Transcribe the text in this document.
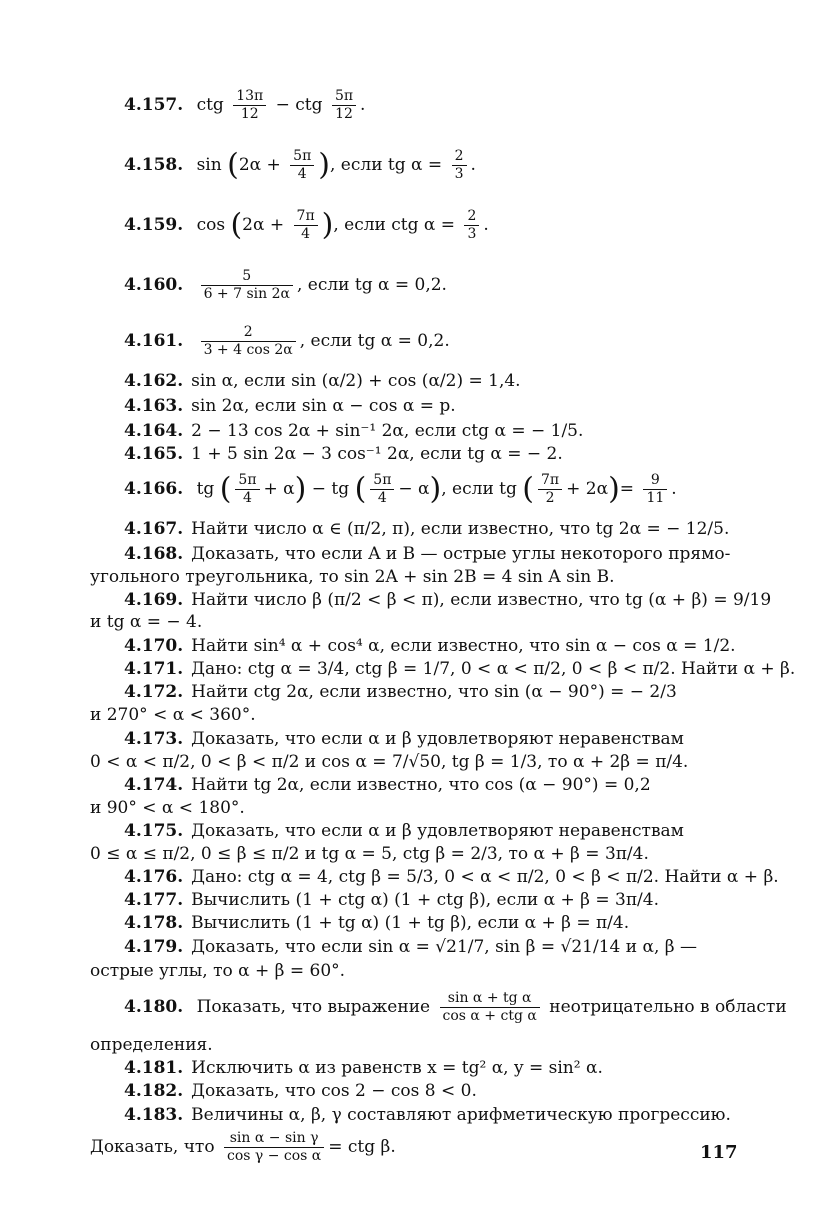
4.157. ctg $\frac{13\pi}{12}$ − ctg $\frac{5\pi}{12}$ .
4.158. $\sin (2\alpha + \frac{5\pi}{4}$ ), если tg $\alpha = \frac{2}{3}$ .
4.159. $\cos (2\alpha + \frac{7\pi}{4}$ ), если ctg $\alpha = \frac{2}{3}$ .
4.160. $\frac{5}{6 + 7 \sin 2\alpha}$ , если tg α = 0,2.
4.161. $\frac{2}{3 + 4 \cos 2\alpha}$ , если tg α = 0,2.
4.162. sin α, если sin (α/2) + cos (α/2) = 1,4.
4.163. sin 2α, если sin α − cos α = p.
4.164. 2 − 13 cos 2α + sin⁻¹ 2α, если ctg α = − 1/5.
4.165. 1 + 5 sin 2α − 3 cos⁻¹ 2α, если tg α = − 2.
4.166. tg ( $\frac{5\pi}{4} + \alpha$) − tg ( $\frac{5\pi}{4} - \alpha$), если tg ( $\frac{7\pi}{2} + 2\alpha)= \frac{9}{11}$ .
4.167. Найти число α ∈ (π/2, π), если известно, что tg 2α = − 12/5.
4.168. Доказать, что если A и B — острые углы некоторого прямо-
угольного треугольника, то sin 2A + sin 2B = 4 sin A sin B.
4.169. Найти число β (π/2 < β < π), если известно, что tg (α + β) = 9/19
и tg α = − 4.
4.170. Найти sin⁴ α + cos⁴ α, если известно, что sin α − cos α = 1/2.
4.171. Дано: ctg α = 3/4, ctg β = 1/7, 0 < α < π/2, 0 < β < π/2. Найти α + β.
4.172. Найти ctg 2α, если известно, что sin (α − 90°) = − 2/3
и 270° < α < 360°.
4.173. Доказать, что если α и β удовлетворяют неравенствам
0 < α < π/2, 0 < β < π/2 и cos α = 7/√50, tg β = 1/3, то α + 2β = π/4.
4.174. Найти tg 2α, если известно, что cos (α − 90°) = 0,2
и 90° < α < 180°.
4.175. Доказать, что если α и β удовлетворяют неравенствам
0 ≤ α ≤ π/2, 0 ≤ β ≤ π/2 и tg α = 5, ctg β = 2/3, то α + β = 3π/4.
4.176. Дано: ctg α = 4, ctg β = 5/3, 0 < α < π/2, 0 < β < π/2. Найти α + β.
4.177. Вычислить (1 + ctg α) (1 + ctg β), если α + β = 3π/4.
4.178. Вычислить (1 + tg α) (1 + tg β), если α + β = π/4.
4.179. Доказать, что если sin α = √21/7, sin β = √21/14 и α, β —
острые углы, то α + β = 60°.
4.180. Показать, что выражение $\frac{\text{sin α + tg α}}{\text{cos α + ctg α}}$ неотрицательно в области
определения.
4.181. Исключить α из равенств x = tg² α, y = sin² α.
4.182. Доказать, что cos 2 − cos 8 < 0.
4.183. Величины α, β, γ составляют арифметическую прогрессию.
Доказать, что $\frac{\text{sin α − sin γ}}{\text{cos γ − cos α}}$ = ctg β.	117
